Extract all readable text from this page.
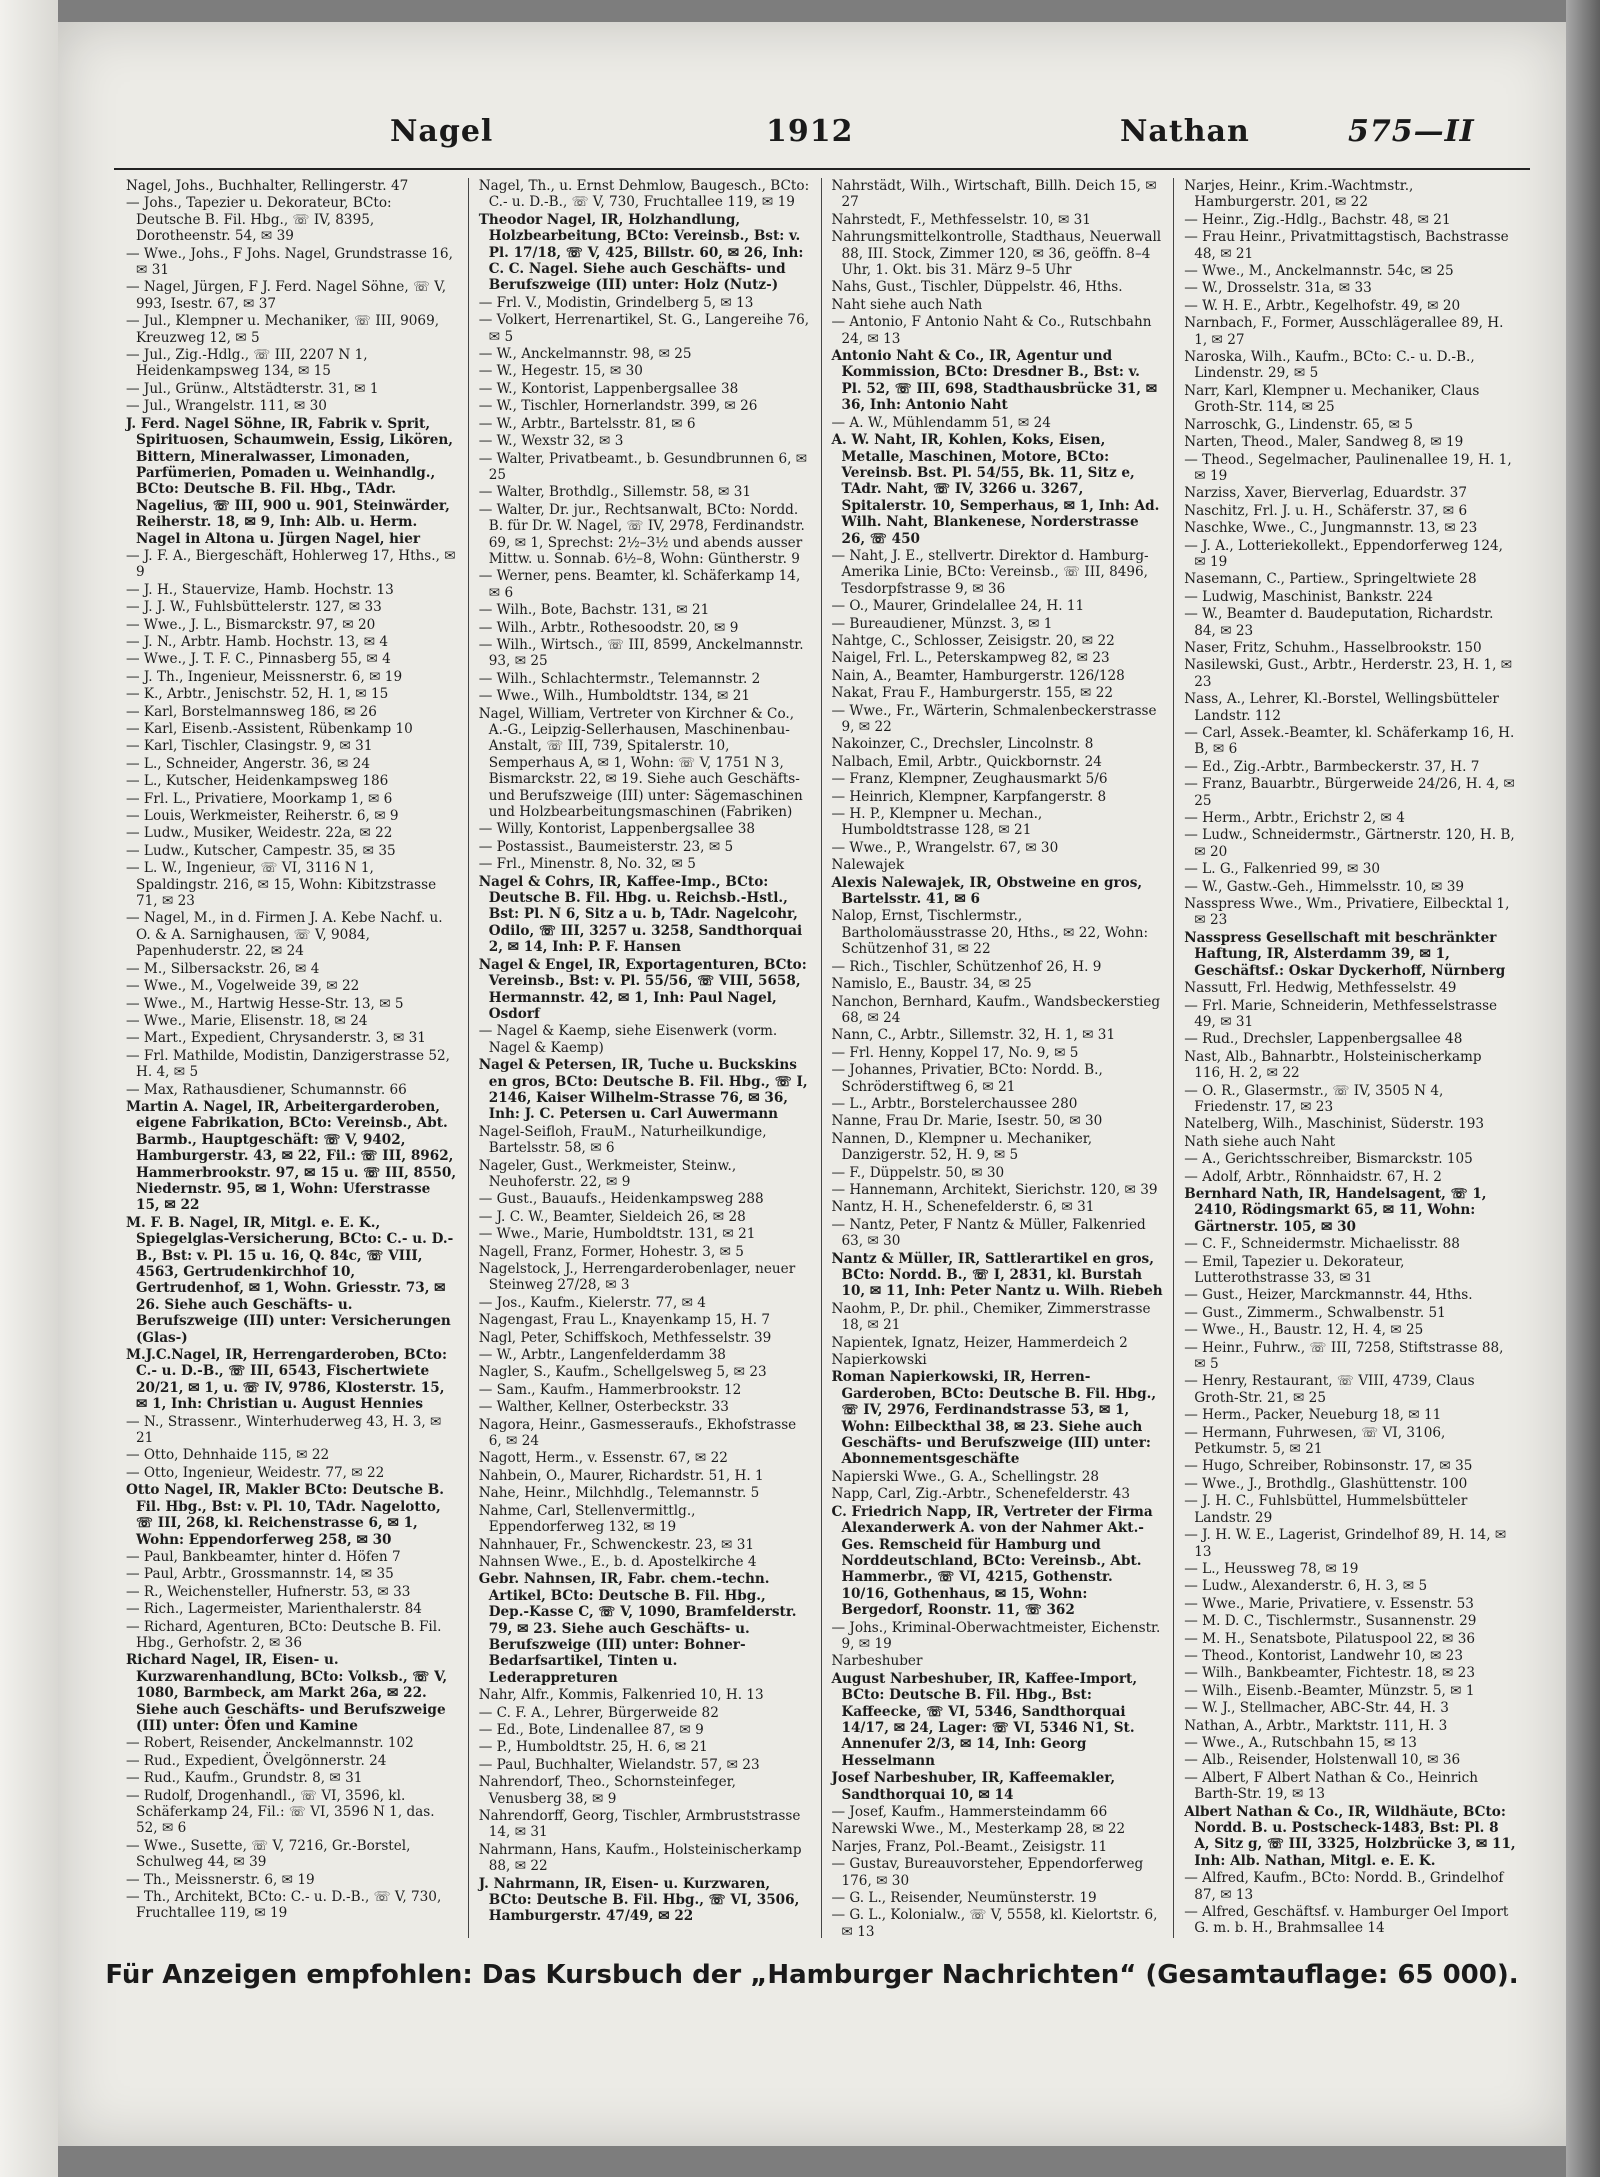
Nagel	1912	Nathan	575—II
Nagel, Johs., Buchhalter, Rellingerstr. 47
— Johs., Tapezier u. Dekorateur, BCto: Deutsche B. Fil. Hbg., ☏ IV, 8395, Dorotheenstr. 54, ✉ 39
— Wwe., Johs., F Johs. Nagel, Grundstrasse 16, ✉ 31
— Nagel, Jürgen, F J. Ferd. Nagel Söhne, ☏ V, 993, Isestr. 67, ✉ 37
— Jul., Klempner u. Mechaniker, ☏ III, 9069, Kreuzweg 12, ✉ 5
— Jul., Zig.-Hdlg., ☏ III, 2207 N 1, Heidenkampsweg 134, ✉ 15
— Jul., Grünw., Altstädterstr. 31, ✉ 1
— Jul., Wrangelstr. 111, ✉ 30
J. Ferd. Nagel Söhne, IR, Fabrik v. Sprit, Spirituosen, Schaumwein, Essig, Likören, Bittern, Mineralwasser, Limonaden, Parfümerien, Pomaden u. Weinhandlg., BCto: Deutsche B. Fil. Hbg., TAdr. Nagelius, ☏ III, 900 u. 901, Steinwärder, Reiherstr. 18, ✉ 9, Inh: Alb. u. Herm. Nagel in Altona u. Jürgen Nagel, hier
— J. F. A., Biergeschäft, Hohlerweg 17, Hths., ✉ 9
— J. H., Stauervize, Hamb. Hochstr. 13
— J. J. W., Fuhlsbüttelerstr. 127, ✉ 33
— Wwe., J. L., Bismarckstr. 97, ✉ 20
— J. N., Arbtr. Hamb. Hochstr. 13, ✉ 4
— Wwe., J. T. F. C., Pinnasberg 55, ✉ 4
— J. Th., Ingenieur, Meissnerstr. 6, ✉ 19
— K., Arbtr., Jenischstr. 52, H. 1, ✉ 15
— Karl, Borstelmannsweg 186, ✉ 26
— Karl, Eisenb.-Assistent, Rübenkamp 10
— Karl, Tischler, Clasingstr. 9, ✉ 31
— L., Schneider, Angerstr. 36, ✉ 24
— L., Kutscher, Heidenkampsweg 186
— Frl. L., Privatiere, Moorkamp 1, ✉ 6
— Louis, Werkmeister, Reiherstr. 6, ✉ 9
— Ludw., Musiker, Weidestr. 22a, ✉ 22
— Ludw., Kutscher, Campestr. 35, ✉ 35
— L. W., Ingenieur, ☏ VI, 3116 N 1, Spaldingstr. 216, ✉ 15, Wohn: Kibitzstrasse 71, ✉ 23
— Nagel, M., in d. Firmen J. A. Kebe Nachf. u. O. & A. Sarnighausen, ☏ V, 9084, Papenhuderstr. 22, ✉ 24
— M., Silbersackstr. 26, ✉ 4
— Wwe., M., Vogelweide 39, ✉ 22
— Wwe., M., Hartwig Hesse-Str. 13, ✉ 5
— Wwe., Marie, Elisenstr. 18, ✉ 24
— Mart., Expedient, Chrysanderstr. 3, ✉ 31
— Frl. Mathilde, Modistin, Danzigerstrasse 52, H. 4, ✉ 5
— Max, Rathausdiener, Schumannstr. 66
Martin A. Nagel, IR, Arbeitergarderoben, eigene Fabrikation, BCto: Vereinsb., Abt. Barmb., Hauptgeschäft: ☏ V, 9402, Hamburgerstr. 43, ✉ 22, Fil.: ☏ III, 8962, Hammerbrookstr. 97, ✉ 15 u. ☏ III, 8550, Niedernstr. 95, ✉ 1, Wohn: Uferstrasse 15, ✉ 22
M. F. B. Nagel, IR, Mitgl. e. E. K., Spiegelglas-Versicherung, BCto: C.- u. D.-B., Bst: v. Pl. 15 u. 16, Q. 84c, ☏ VIII, 4563, Gertrudenkirchhof 10, Gertrudenhof, ✉ 1, Wohn. Griesstr. 73, ✉ 26. Siehe auch Geschäfts- u. Berufszweige (III) unter: Versicherungen (Glas-)
M.J.C.Nagel, IR, Herrengarderoben, BCto: C.- u. D.-B., ☏ III, 6543, Fischertwiete 20/21, ✉ 1, u. ☏ IV, 9786, Klosterstr. 15, ✉ 1, Inh: Christian u. August Hennies
— N., Strassenr., Winterhuderweg 43, H. 3, ✉ 21
— Otto, Dehnhaide 115, ✉ 22
— Otto, Ingenieur, Weidestr. 77, ✉ 22
Otto Nagel, IR, Makler BCto: Deutsche B. Fil. Hbg., Bst: v. Pl. 10, TAdr. Nagelotto, ☏ III, 268, kl. Reichenstrasse 6, ✉ 1, Wohn: Eppendorferweg 258, ✉ 30
— Paul, Bankbeamter, hinter d. Höfen 7
— Paul, Arbtr., Grossmannstr. 14, ✉ 35
— R., Weichensteller, Hufnerstr. 53, ✉ 33
— Rich., Lagermeister, Marienthalerstr. 84
— Richard, Agenturen, BCto: Deutsche B. Fil. Hbg., Gerhofstr. 2, ✉ 36
Richard Nagel, IR, Eisen- u. Kurzwarenhandlung, BCto: Volksb., ☏ V, 1080, Barmbeck, am Markt 26a, ✉ 22. Siehe auch Geschäfts- und Berufszweige (III) unter: Öfen und Kamine
— Robert, Reisender, Anckelmannstr. 102
— Rud., Expedient, Övelgönnerstr. 24
— Rud., Kaufm., Grundstr. 8, ✉ 31
— Rudolf, Drogenhandl., ☏ VI, 3596, kl. Schäferkamp 24, Fil.: ☏ VI, 3596 N 1, das. 52, ✉ 6
— Wwe., Susette, ☏ V, 7216, Gr.-Borstel, Schulweg 44, ✉ 39
— Th., Meissnerstr. 6, ✉ 19
— Th., Architekt, BCto: C.- u. D.-B., ☏ V, 730, Fruchtallee 119, ✉ 19
Nagel, Th., u. Ernst Dehmlow, Baugesch., BCto: C.- u. D.-B., ☏ V, 730, Fruchtallee 119, ✉ 19
Theodor Nagel, IR, Holzhandlung, Holzbearbeitung, BCto: Vereinsb., Bst: v. Pl. 17/18, ☏ V, 425, Billstr. 60, ✉ 26, Inh: C. C. Nagel. Siehe auch Geschäfts- und Berufszweige (III) unter: Holz (Nutz-)
— Frl. V., Modistin, Grindelberg 5, ✉ 13
— Volkert, Herrenartikel, St. G., Langereihe 76, ✉ 5
— W., Anckelmannstr. 98, ✉ 25
— W., Hegestr. 15, ✉ 30
— W., Kontorist, Lappenbergsallee 38
— W., Tischler, Hornerlandstr. 399, ✉ 26
— W., Arbtr., Bartelsstr. 81, ✉ 6
— W., Wexstr 32, ✉ 3
— Walter, Privatbeamt., b. Gesundbrunnen 6, ✉ 25
— Walter, Brothdlg., Sillemstr. 58, ✉ 31
— Walter, Dr. jur., Rechtsanwalt, BCto: Nordd. B. für Dr. W. Nagel, ☏ IV, 2978, Ferdinandstr. 69, ✉ 1, Sprechst: 2½–3½ und abends ausser Mittw. u. Sonnab. 6½–8, Wohn: Güntherstr. 9
— Werner, pens. Beamter, kl. Schäferkamp 14, ✉ 6
— Wilh., Bote, Bachstr. 131, ✉ 21
— Wilh., Arbtr., Rothesoodstr. 20, ✉ 9
— Wilh., Wirtsch., ☏ III, 8599, Anckelmannstr. 93, ✉ 25
— Wilh., Schlachtermstr., Telemannstr. 2
— Wwe., Wilh., Humboldtstr. 134, ✉ 21
Nagel, William, Vertreter von Kirchner & Co., A.-G., Leipzig-Sellerhausen, Maschinenbau-Anstalt, ☏ III, 739, Spitalerstr. 10, Semperhaus A, ✉ 1, Wohn: ☏ V, 1751 N 3, Bismarckstr. 22, ✉ 19. Siehe auch Geschäfts- und Berufszweige (III) unter: Sägemaschinen und Holzbearbeitungsmaschinen (Fabriken)
— Willy, Kontorist, Lappenbergsallee 38
— Postassist., Baumeisterstr. 23, ✉ 5
— Frl., Minenstr. 8, No. 32, ✉ 5
Nagel & Cohrs, IR, Kaffee-Imp., BCto: Deutsche B. Fil. Hbg. u. Reichsb.-Hstl., Bst: Pl. N 6, Sitz a u. b, TAdr. Nagelcohr, Odilo, ☏ III, 3257 u. 3258, Sandthorquai 2, ✉ 14, Inh: P. F. Hansen
Nagel & Engel, IR, Exportagenturen, BCto: Vereinsb., Bst: v. Pl. 55/56, ☏ VIII, 5658, Hermannstr. 42, ✉ 1, Inh: Paul Nagel, Osdorf
— Nagel & Kaemp, siehe Eisenwerk (vorm. Nagel & Kaemp)
Nagel & Petersen, IR, Tuche u. Buckskins en gros, BCto: Deutsche B. Fil. Hbg., ☏ I, 2146, Kaiser Wilhelm-Strasse 76, ✉ 36, Inh: J. C. Petersen u. Carl Auwermann
Nagel-Seifloh, FrauM., Naturheilkundige, Bartelsstr. 58, ✉ 6
Nageler, Gust., Werkmeister, Steinw., Neuhoferstr. 22, ✉ 9
— Gust., Bauaufs., Heidenkampsweg 288
— J. C. W., Beamter, Sieldeich 26, ✉ 28
— Wwe., Marie, Humboldtstr. 131, ✉ 21
Nagell, Franz, Former, Hohestr. 3, ✉ 5
Nagelstock, J., Herrengarderobenlager, neuer Steinweg 27/28, ✉ 3
— Jos., Kaufm., Kielerstr. 77, ✉ 4
Nagengast, Frau L., Knayenkamp 15, H. 7
Nagl, Peter, Schiffskoch, Methfesselstr. 39
— W., Arbtr., Langenfelderdamm 38
Nagler, S., Kaufm., Schellgelsweg 5, ✉ 23
— Sam., Kaufm., Hammerbrookstr. 12
— Walther, Kellner, Osterbeckstr. 33
Nagora, Heinr., Gasmesseraufs., Ekhofstrasse 6, ✉ 24
Nagott, Herm., v. Essenstr. 67, ✉ 22
Nahbein, O., Maurer, Richardstr. 51, H. 1
Nahe, Heinr., Milchhdlg., Telemannstr. 5
Nahme, Carl, Stellenvermittlg., Eppendorferweg 132, ✉ 19
Nahnhauer, Fr., Schwenckestr. 23, ✉ 31
Nahnsen Wwe., E., b. d. Apostelkirche 4
Gebr. Nahnsen, IR, Fabr. chem.-techn. Artikel, BCto: Deutsche B. Fil. Hbg., Dep.-Kasse C, ☏ V, 1090, Bramfelderstr. 79, ✉ 23. Siehe auch Geschäfts- u. Berufszweige (III) unter: Bohner-Bedarfsartikel, Tinten u. Lederappreturen
Nahr, Alfr., Kommis, Falkenried 10, H. 13
— C. F. A., Lehrer, Bürgerweide 82
— Ed., Bote, Lindenallee 87, ✉ 9
— P., Humboldtstr. 25, H. 6, ✉ 21
— Paul, Buchhalter, Wielandstr. 57, ✉ 23
Nahrendorf, Theo., Schornsteinfeger, Venusberg 38, ✉ 9
Nahrendorff, Georg, Tischler, Armbruststrasse 14, ✉ 31
Nahrmann, Hans, Kaufm., Holsteinischerkamp 88, ✉ 22
J. Nahrmann, IR, Eisen- u. Kurzwaren, BCto: Deutsche B. Fil. Hbg., ☏ VI, 3506, Hamburgerstr. 47/49, ✉ 22
Nahrstädt, Wilh., Wirtschaft, Billh. Deich 15, ✉ 27
Nahrstedt, F., Methfesselstr. 10, ✉ 31
Nahrungsmittelkontrolle, Stadthaus, Neuerwall 88, III. Stock, Zimmer 120, ✉ 36, geöffn. 8–4 Uhr, 1. Okt. bis 31. März 9–5 Uhr
Nahs, Gust., Tischler, Düppelstr. 46, Hths.
Naht siehe auch Nath
— Antonio, F Antonio Naht & Co., Rutschbahn 24, ✉ 13
Antonio Naht & Co., IR, Agentur und Kommission, BCto: Dresdner B., Bst: v. Pl. 52, ☏ III, 698, Stadthausbrücke 31, ✉ 36, Inh: Antonio Naht
— A. W., Mühlendamm 51, ✉ 24
A. W. Naht, IR, Kohlen, Koks, Eisen, Metalle, Maschinen, Motore, BCto: Vereinsb. Bst. Pl. 54/55, Bk. 11, Sitz e, TAdr. Naht, ☏ IV, 3266 u. 3267, Spitalerstr. 10, Semperhaus, ✉ 1, Inh: Ad. Wilh. Naht, Blankenese, Norderstrasse 26, ☏ 450
— Naht, J. E., stellvertr. Direktor d. Hamburg-Amerika Linie, BCto: Vereinsb., ☏ III, 8496, Tesdorpfstrasse 9, ✉ 36
— O., Maurer, Grindelallee 24, H. 11
— Bureaudiener, Münzst. 3, ✉ 1
Nahtge, C., Schlosser, Zeisigstr. 20, ✉ 22
Naigel, Frl. L., Peterskampweg 82, ✉ 23
Nain, A., Beamter, Hamburgerstr. 126/128
Nakat, Frau F., Hamburgerstr. 155, ✉ 22
— Wwe., Fr., Wärterin, Schmalenbeckerstrasse 9, ✉ 22
Nakoinzer, C., Drechsler, Lincolnstr. 8
Nalbach, Emil, Arbtr., Quickbornstr. 24
— Franz, Klempner, Zeughausmarkt 5/6
— Heinrich, Klempner, Karpfangerstr. 8
— H. P., Klempner u. Mechan., Humboldtstrasse 128, ✉ 21
— Wwe., P., Wrangelstr. 67, ✉ 30
Nalewajek
Alexis Nalewajek, IR, Obstweine en gros, Bartelsstr. 41, ✉ 6
Nalop, Ernst, Tischlermstr., Bartholomäusstrasse 20, Hths., ✉ 22, Wohn: Schützenhof 31, ✉ 22
— Rich., Tischler, Schützenhof 26, H. 9
Namislo, E., Baustr. 34, ✉ 25
Nanchon, Bernhard, Kaufm., Wandsbeckerstieg 68, ✉ 24
Nann, C., Arbtr., Sillemstr. 32, H. 1, ✉ 31
— Frl. Henny, Koppel 17, No. 9, ✉ 5
— Johannes, Privatier, BCto: Nordd. B., Schröderstiftweg 6, ✉ 21
— L., Arbtr., Borstelerchaussee 280
Nanne, Frau Dr. Marie, Isestr. 50, ✉ 30
Nannen, D., Klempner u. Mechaniker, Danzigerstr. 52, H. 9, ✉ 5
— F., Düppelstr. 50, ✉ 30
— Hannemann, Architekt, Sierichstr. 120, ✉ 39
Nantz, H. H., Schenefelderstr. 6, ✉ 31
— Nantz, Peter, F Nantz & Müller, Falkenried 63, ✉ 30
Nantz & Müller, IR, Sattlerartikel en gros, BCto: Nordd. B., ☏ I, 2831, kl. Burstah 10, ✉ 11, Inh: Peter Nantz u. Wilh. Riebeh
Naohm, P., Dr. phil., Chemiker, Zimmerstrasse 18, ✉ 21
Napientek, Ignatz, Heizer, Hammerdeich 2
Napierkowski
Roman Napierkowski, IR, Herren-Garderoben, BCto: Deutsche B. Fil. Hbg., ☏ IV, 2976, Ferdinandstrasse 53, ✉ 1, Wohn: Eilbeckthal 38, ✉ 23. Siehe auch Geschäfts- und Berufszweige (III) unter: Abonnementsgeschäfte
Napierski Wwe., G. A., Schellingstr. 28
Napp, Carl, Zig.-Arbtr., Schenefelderstr. 43
C. Friedrich Napp, IR, Vertreter der Firma Alexanderwerk A. von der Nahmer Akt.-Ges. Remscheid für Hamburg und Norddeutschland, BCto: Vereinsb., Abt. Hammerbr., ☏ VI, 4215, Gothenstr. 10/16, Gothenhaus, ✉ 15, Wohn: Bergedorf, Roonstr. 11, ☏ 362
— Johs., Kriminal-Oberwachtmeister, Eichenstr. 9, ✉ 19
Narbeshuber
August Narbeshuber, IR, Kaffee-Import, BCto: Deutsche B. Fil. Hbg., Bst: Kaffeecke, ☏ VI, 5346, Sandthorquai 14/17, ✉ 24, Lager: ☏ VI, 5346 N1, St. Annenufer 2/3, ✉ 14, Inh: Georg Hesselmann
Josef Narbeshuber, IR, Kaffeemakler, Sandthorquai 10, ✉ 14
— Josef, Kaufm., Hammersteindamm 66
Narewski Wwe., M., Mesterkamp 28, ✉ 22
Narjes, Franz, Pol.-Beamt., Zeisigstr. 11
— Gustav, Bureauvorsteher, Eppendorferweg 176, ✉ 30
— G. L., Reisender, Neumünsterstr. 19
— G. L., Kolonialw., ☏ V, 5558, kl. Kielortstr. 6, ✉ 13
Narjes, Heinr., Krim.-Wachtmstr., Hamburgerstr. 201, ✉ 22
— Heinr., Zig.-Hdlg., Bachstr. 48, ✉ 21
— Frau Heinr., Privatmittagstisch, Bachstrasse 48, ✉ 21
— Wwe., M., Anckelmannstr. 54c, ✉ 25
— W., Drosselstr. 31a, ✉ 33
— W. H. E., Arbtr., Kegelhofstr. 49, ✉ 20
Narnbach, F., Former, Ausschlägerallee 89, H. 1, ✉ 27
Naroska, Wilh., Kaufm., BCto: C.- u. D.-B., Lindenstr. 29, ✉ 5
Narr, Karl, Klempner u. Mechaniker, Claus Groth-Str. 114, ✉ 25
Narroschk, G., Lindenstr. 65, ✉ 5
Narten, Theod., Maler, Sandweg 8, ✉ 19
— Theod., Segelmacher, Paulinenallee 19, H. 1, ✉ 19
Narziss, Xaver, Bierverlag, Eduardstr. 37
Naschitz, Frl. J. u. H., Schäferstr. 37, ✉ 6
Naschke, Wwe., C., Jungmannstr. 13, ✉ 23
— J. A., Lotteriekollekt., Eppendorferweg 124, ✉ 19
Nasemann, C., Partiew., Springeltwiete 28
— Ludwig, Maschinist, Bankstr. 224
— W., Beamter d. Baudeputation, Richardstr. 84, ✉ 23
Naser, Fritz, Schuhm., Hasselbrookstr. 150
Nasilewski, Gust., Arbtr., Herderstr. 23, H. 1, ✉ 23
Nass, A., Lehrer, Kl.-Borstel, Wellingsbütteler Landstr. 112
— Carl, Assek.-Beamter, kl. Schäferkamp 16, H. B, ✉ 6
— Ed., Zig.-Arbtr., Barmbeckerstr. 37, H. 7
— Franz, Bauarbtr., Bürgerweide 24/26, H. 4, ✉ 25
— Herm., Arbtr., Erichstr 2, ✉ 4
— Ludw., Schneidermstr., Gärtnerstr. 120, H. B, ✉ 20
— L. G., Falkenried 99, ✉ 30
— W., Gastw.-Geh., Himmelsstr. 10, ✉ 39
Nasspress Wwe., Wm., Privatiere, Eilbecktal 1, ✉ 23
Nasspress Gesellschaft mit beschränkter Haftung, IR, Alsterdamm 39, ✉ 1, Geschäftsf.: Oskar Dyckerhoff, Nürnberg
Nassutt, Frl. Hedwig, Methfesselstr. 49
— Frl. Marie, Schneiderin, Methfesselstrasse 49, ✉ 31
— Rud., Drechsler, Lappenbergsallee 48
Nast, Alb., Bahnarbtr., Holsteinischerkamp 116, H. 2, ✉ 22
— O. R., Glasermstr., ☏ IV, 3505 N 4, Friedenstr. 17, ✉ 23
Natelberg, Wilh., Maschinist, Süderstr. 193
Nath siehe auch Naht
— A., Gerichtsschreiber, Bismarckstr. 105
— Adolf, Arbtr., Rönnhaidstr. 67, H. 2
Bernhard Nath, IR, Handelsagent, ☏ 1, 2410, Rödingsmarkt 65, ✉ 11, Wohn: Gärtnerstr. 105, ✉ 30
— C. F., Schneidermstr. Michaelisstr. 88
— Emil, Tapezier u. Dekorateur, Lutterothstrasse 33, ✉ 31
— Gust., Heizer, Marckmannstr. 44, Hths.
— Gust., Zimmerm., Schwalbenstr. 51
— Wwe., H., Baustr. 12, H. 4, ✉ 25
— Heinr., Fuhrw., ☏ III, 7258, Stiftstrasse 88, ✉ 5
— Henry, Restaurant, ☏ VIII, 4739, Claus Groth-Str. 21, ✉ 25
— Herm., Packer, Neueburg 18, ✉ 11
— Hermann, Fuhrwesen, ☏ VI, 3106, Petkumstr. 5, ✉ 21
— Hugo, Schreiber, Robinsonstr. 17, ✉ 35
— Wwe., J., Brothdlg., Glashüttenstr. 100
— J. H. C., Fuhlsbüttel, Hummelsbütteler Landstr. 29
— J. H. W. E., Lagerist, Grindelhof 89, H. 14, ✉ 13
— L., Heussweg 78, ✉ 19
— Ludw., Alexanderstr. 6, H. 3, ✉ 5
— Wwe., Marie, Privatiere, v. Essenstr. 53
— M. D. C., Tischlermstr., Susannenstr. 29
— M. H., Senatsbote, Pilatuspool 22, ✉ 36
— Theod., Kontorist, Landwehr 10, ✉ 23
— Wilh., Bankbeamter, Fichtestr. 18, ✉ 23
— Wilh., Eisenb.-Beamter, Münzstr. 5, ✉ 1
— W. J., Stellmacher, ABC-Str. 44, H. 3
Nathan, A., Arbtr., Marktstr. 111, H. 3
— Wwe., A., Rutschbahn 15, ✉ 13
— Alb., Reisender, Holstenwall 10, ✉ 36
— Albert, F Albert Nathan & Co., Heinrich Barth-Str. 19, ✉ 13
Albert Nathan & Co., IR, Wildhäute, BCto: Nordd. B. u. Postscheck-1483, Bst: Pl. 8 A, Sitz g, ☏ III, 3325, Holzbrücke 3, ✉ 11, Inh: Alb. Nathan, Mitgl. e. E. K.
— Alfred, Kaufm., BCto: Nordd. B., Grindelhof 87, ✉ 13
— Alfred, Geschäftsf. v. Hamburger Oel Import G. m. b. H., Brahmsallee 14
Für Anzeigen empfohlen: Das Kursbuch der „Hamburger Nachrichten“ (Gesamtauflage: 65 000).
